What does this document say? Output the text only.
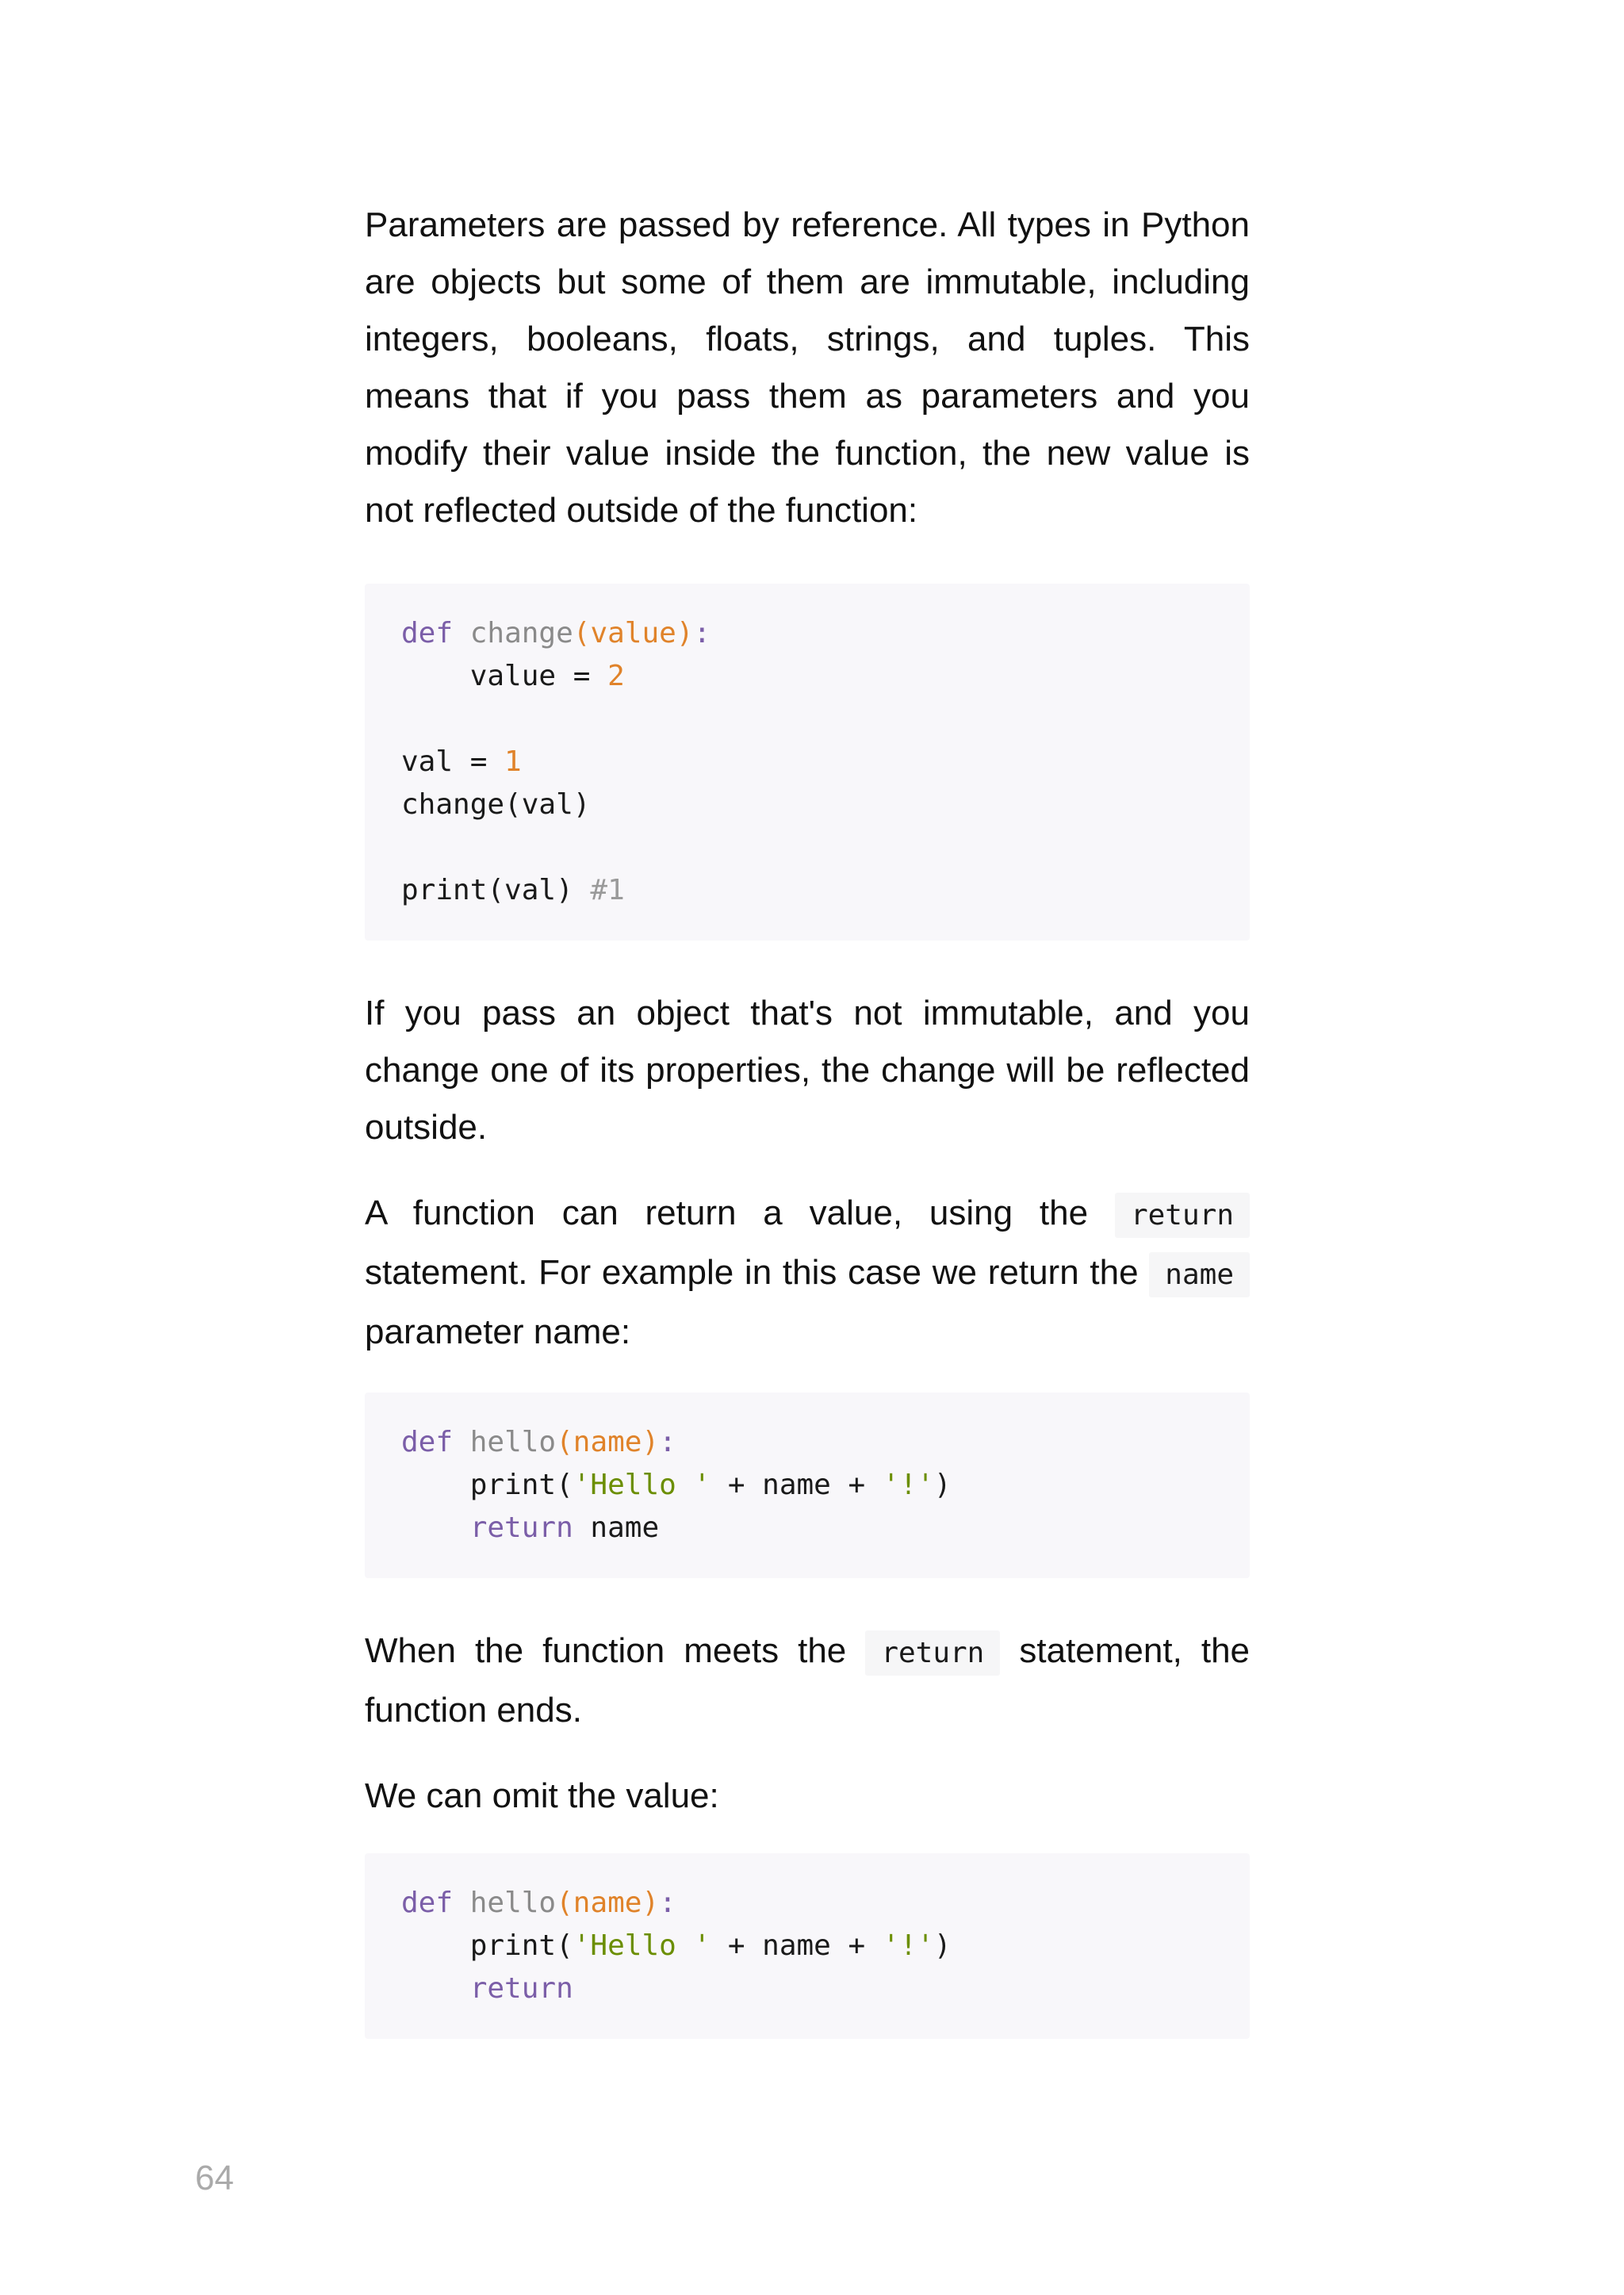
Parameters are passed by reference. All types in Python are objects but some of them are immutable, including integers, booleans, floats, strings, and tuples. This means that if you pass them as parameters and you modify their value inside the function, the new value is not reflected outside of the function:

def change(value):
value = 2

val = 1
change(val)

print(val) #1

If you pass an object that's not immutable, and you change one of its properties, the change will be reflected outside.

A function can return a value, using the return statement. For example in this case we return the name parameter name:

def hello(name):
print('Hello ' + name + '!')
return name

When the function meets the return statement, the function ends.

We can omit the value:

def hello(name):
print('Hello ' + name + '!')
return
64
